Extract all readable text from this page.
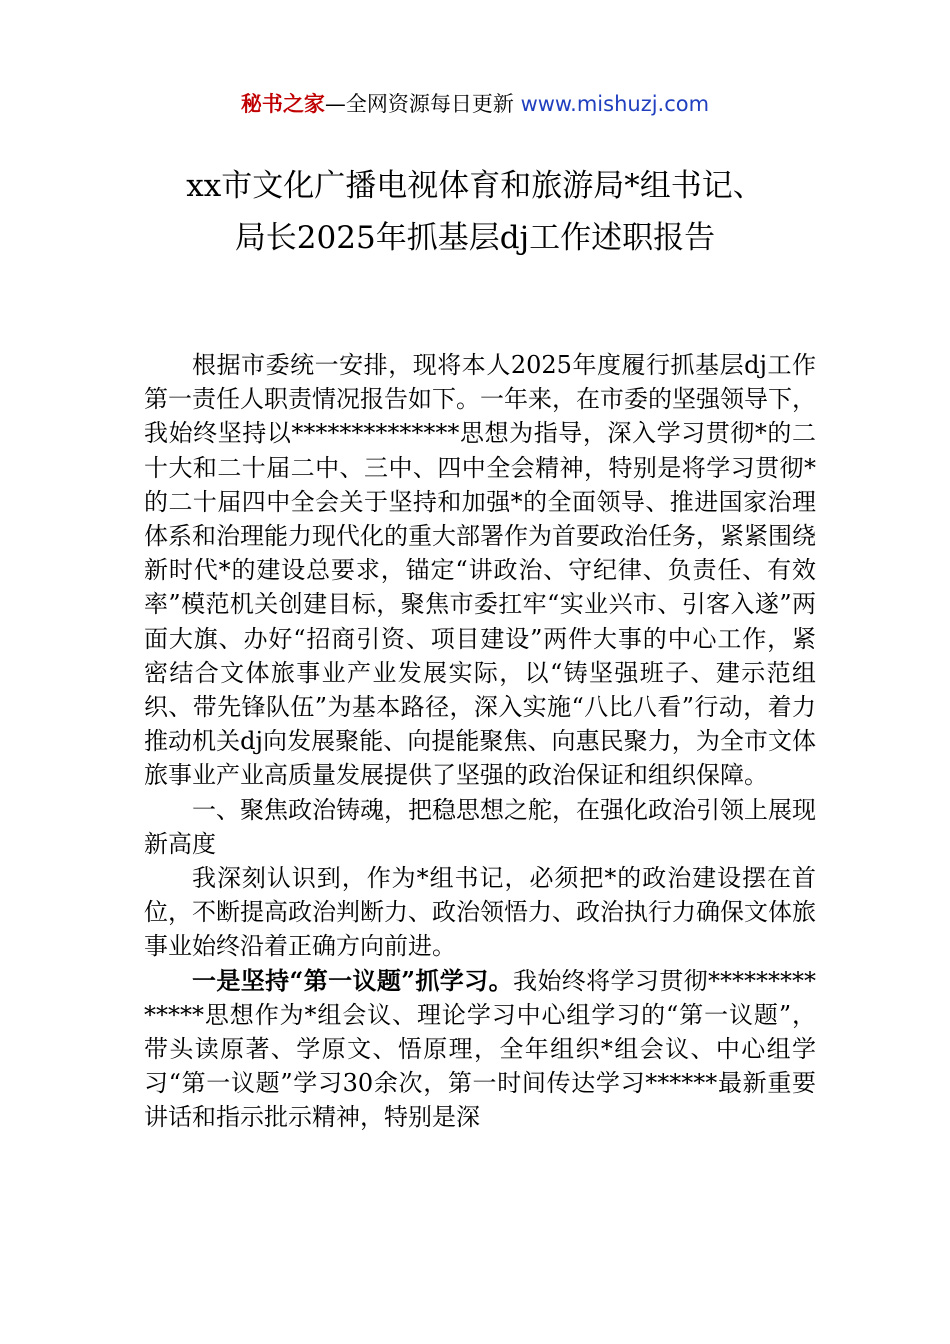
秘书之家—全网资源每日更新 www.mishuzj.com
xx市文化广播电视体育和旅游局*组书记、
局长2025年抓基层dj工作述职报告

根据市委统一安排，现将本人2025年度履行抓基层dj工作第一责任人职责情况报告如下。一年来，在市委的坚强领导下，我始终坚持以**************思想为指导，深入学习贯彻*的二十大和二十届二中、三中、四中全会精神，特别是将学习贯彻*的二十届四中全会关于坚持和加强*的全面领导、推进国家治理体系和治理能力现代化的重大部署作为首要政治任务，紧紧围绕新时代*的建设总要求，锚定“讲政治、守纪律、负责任、有效率”模范机关创建目标，聚焦市委扛牢“实业兴市、引客入遂”两面大旗、办好“招商引资、项目建设”两件大事的中心工作，紧密结合文体旅事业产业发展实际，以“铸坚强班子、建示范组织、带先锋队伍”为基本路径，深入实施“八比八看”行动，着力推动机关dj向发展聚能、向提能聚焦、向惠民聚力，为全市文体旅事业产业高质量发展提供了坚强的政治保证和组织保障。

一、聚焦政治铸魂，把稳思想之舵，在强化政治引领上展现新高度

我深刻认识到，作为*组书记，必须把*的政治建设摆在首位，不断提高政治判断力、政治领悟力、政治执行力确保文体旅事业始终沿着正确方向前进。

一是坚持“第一议题”抓学习。我始终将学习贯彻**************思想作为*组会议、理论学习中心组学习的“第一议题”，带头读原著、学原文、悟原理，全年组织*组会议、中心组学习“第一议题”学习30余次，第一时间传达学习******最新重要讲话和指示批示精神，特别是深
